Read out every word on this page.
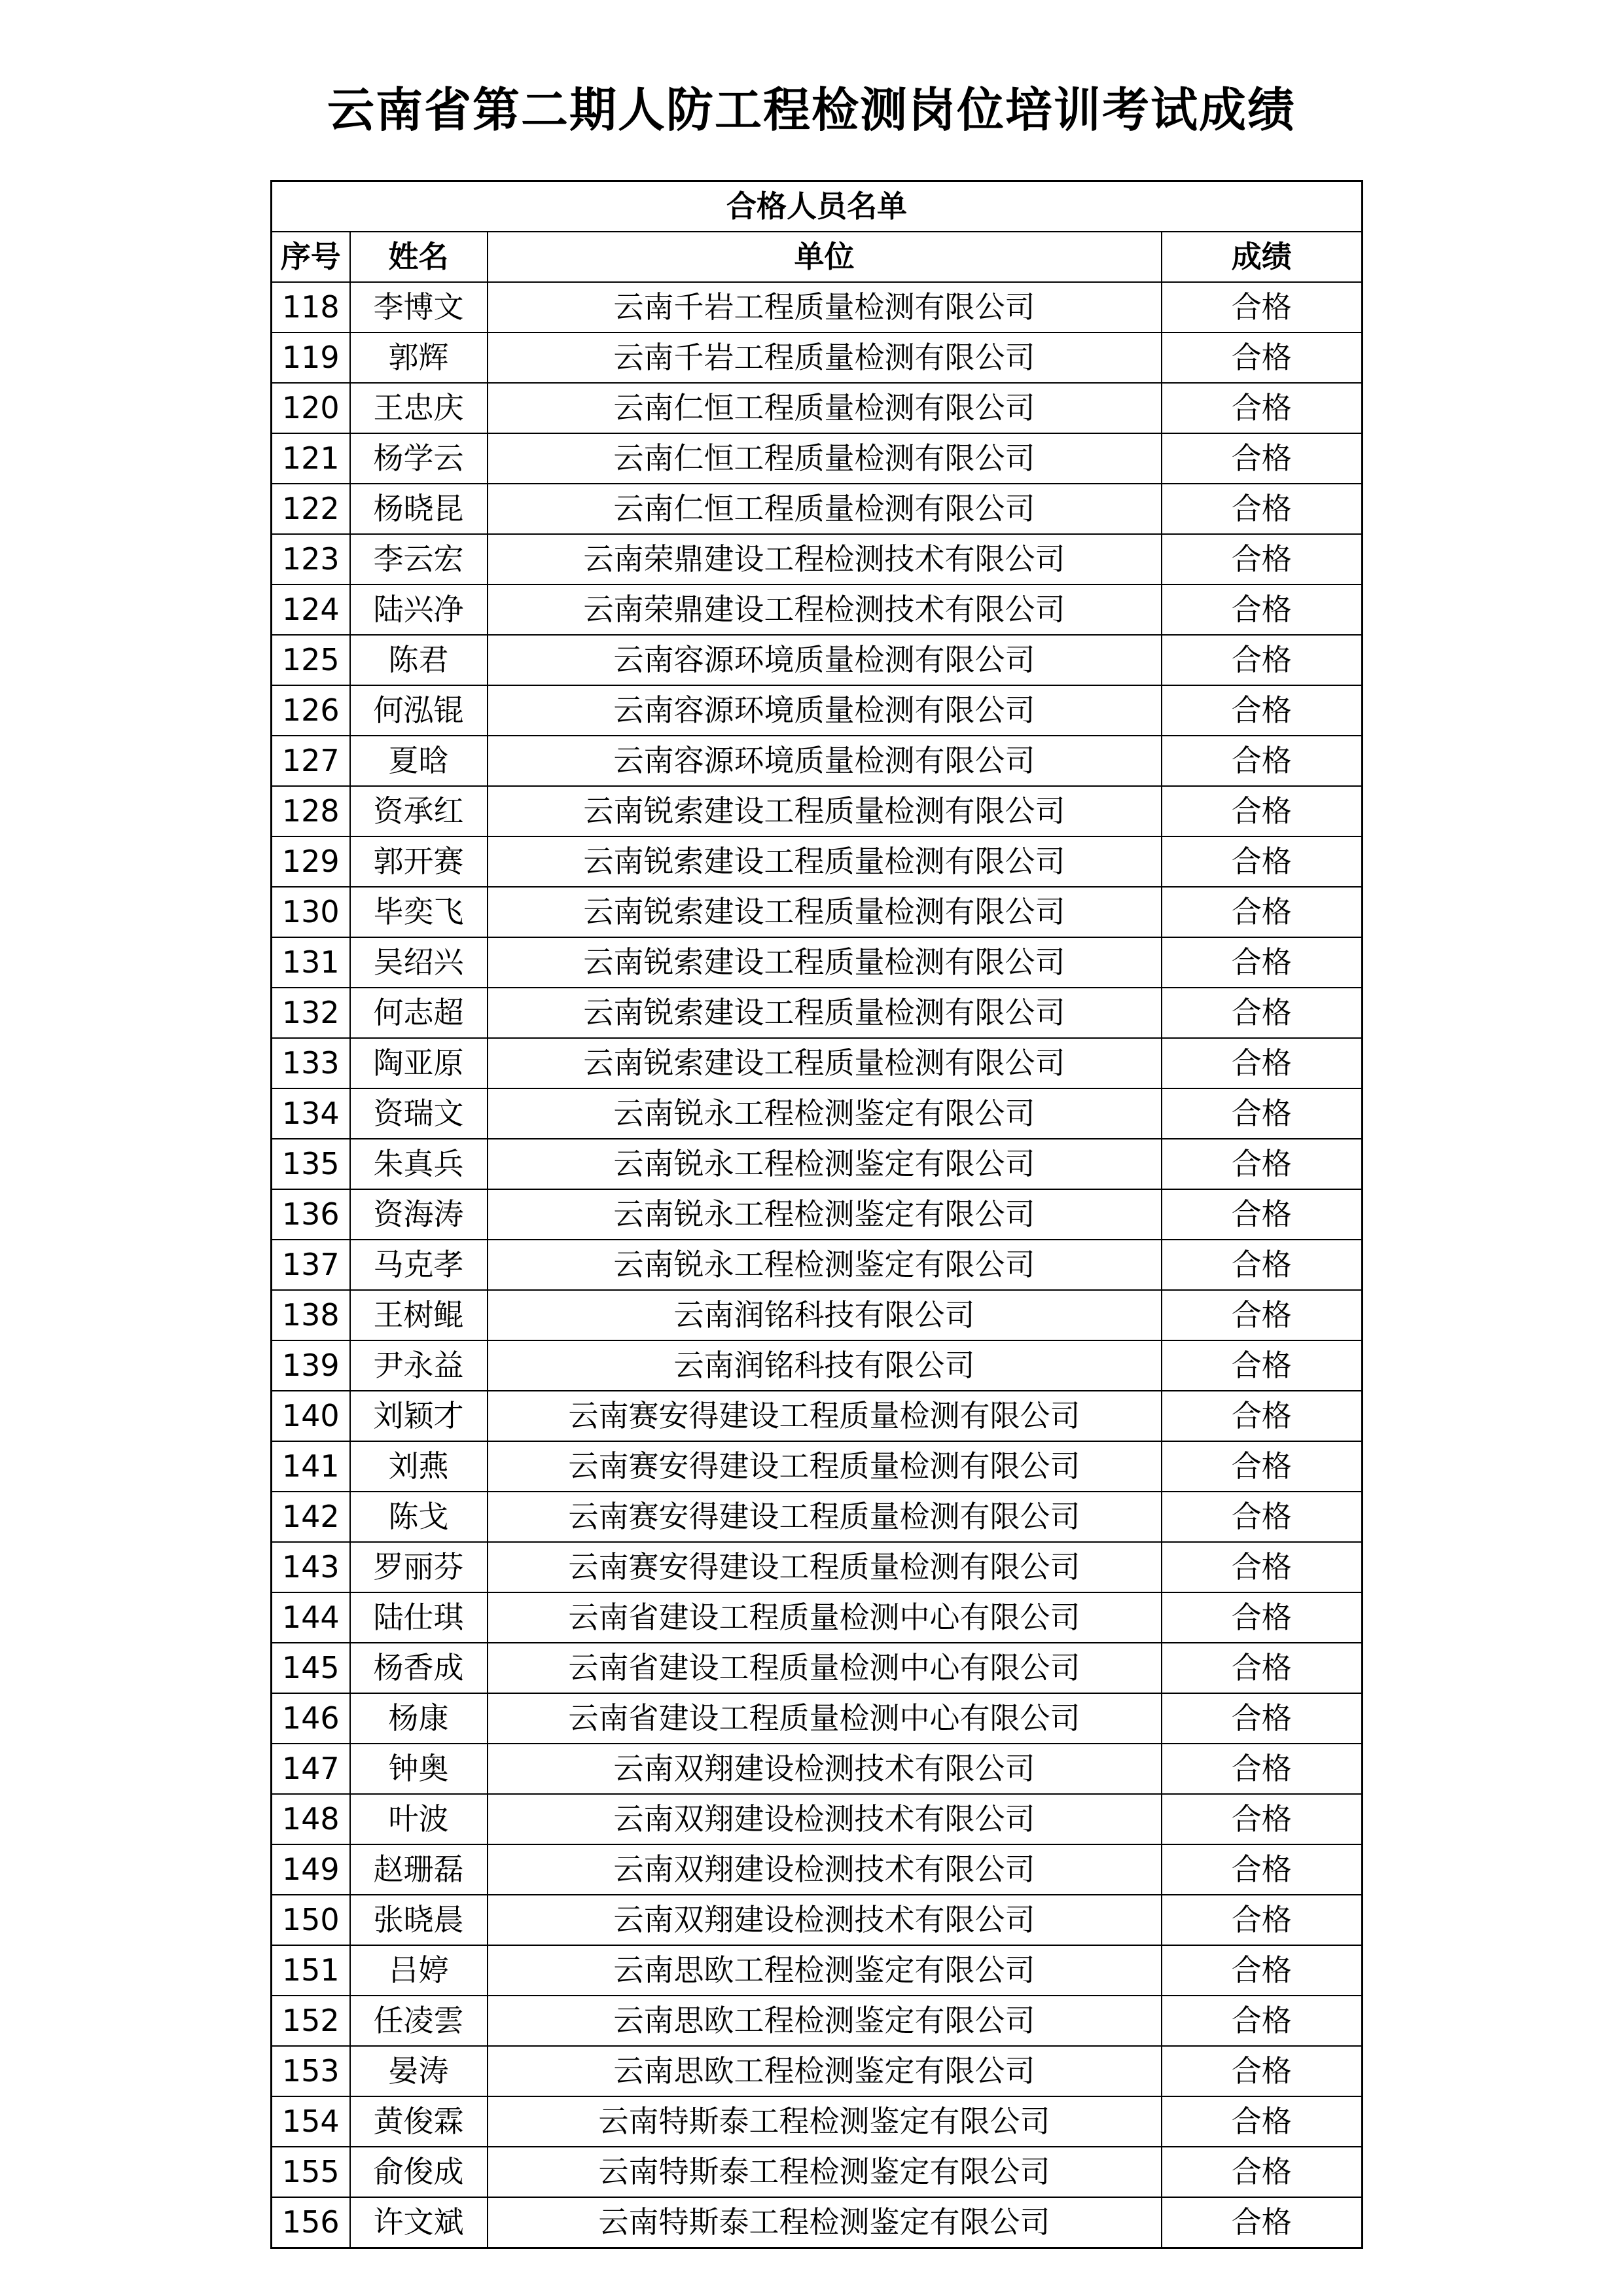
云南省第二期人防工程检测岗位培训考试成绩
合格人员名单			
序号	姓名	单位	成绩
118	李博文	云南千岩工程质量检测有限公司	合格
119	郭辉	云南千岩工程质量检测有限公司	合格
120	王忠庆	云南仁恒工程质量检测有限公司	合格
121	杨学云	云南仁恒工程质量检测有限公司	合格
122	杨晓昆	云南仁恒工程质量检测有限公司	合格
123	李云宏	云南荣鼎建设工程检测技术有限公司	合格
124	陆兴净	云南荣鼎建设工程检测技术有限公司	合格
125	陈君	云南容源环境质量检测有限公司	合格
126	何泓锟	云南容源环境质量检测有限公司	合格
127	夏晗	云南容源环境质量检测有限公司	合格
128	资承红	云南锐索建设工程质量检测有限公司	合格
129	郭开赛	云南锐索建设工程质量检测有限公司	合格
130	毕奕飞	云南锐索建设工程质量检测有限公司	合格
131	吴绍兴	云南锐索建设工程质量检测有限公司	合格
132	何志超	云南锐索建设工程质量检测有限公司	合格
133	陶亚原	云南锐索建设工程质量检测有限公司	合格
134	资瑞文	云南锐永工程检测鉴定有限公司	合格
135	朱真兵	云南锐永工程检测鉴定有限公司	合格
136	资海涛	云南锐永工程检测鉴定有限公司	合格
137	马克孝	云南锐永工程检测鉴定有限公司	合格
138	王树鲲	云南润铭科技有限公司	合格
139	尹永益	云南润铭科技有限公司	合格
140	刘颖才	云南赛安得建设工程质量检测有限公司	合格
141	刘燕	云南赛安得建设工程质量检测有限公司	合格
142	陈戈	云南赛安得建设工程质量检测有限公司	合格
143	罗丽芬	云南赛安得建设工程质量检测有限公司	合格
144	陆仕琪	云南省建设工程质量检测中心有限公司	合格
145	杨香成	云南省建设工程质量检测中心有限公司	合格
146	杨康	云南省建设工程质量检测中心有限公司	合格
147	钟奥	云南双翔建设检测技术有限公司	合格
148	叶波	云南双翔建设检测技术有限公司	合格
149	赵珊磊	云南双翔建设检测技术有限公司	合格
150	张晓晨	云南双翔建设检测技术有限公司	合格
151	吕婷	云南思欧工程检测鉴定有限公司	合格
152	任凌雲	云南思欧工程检测鉴定有限公司	合格
153	晏涛	云南思欧工程检测鉴定有限公司	合格
154	黄俊霖	云南特斯泰工程检测鉴定有限公司	合格
155	俞俊成	云南特斯泰工程检测鉴定有限公司	合格
156	许文斌	云南特斯泰工程检测鉴定有限公司	合格
